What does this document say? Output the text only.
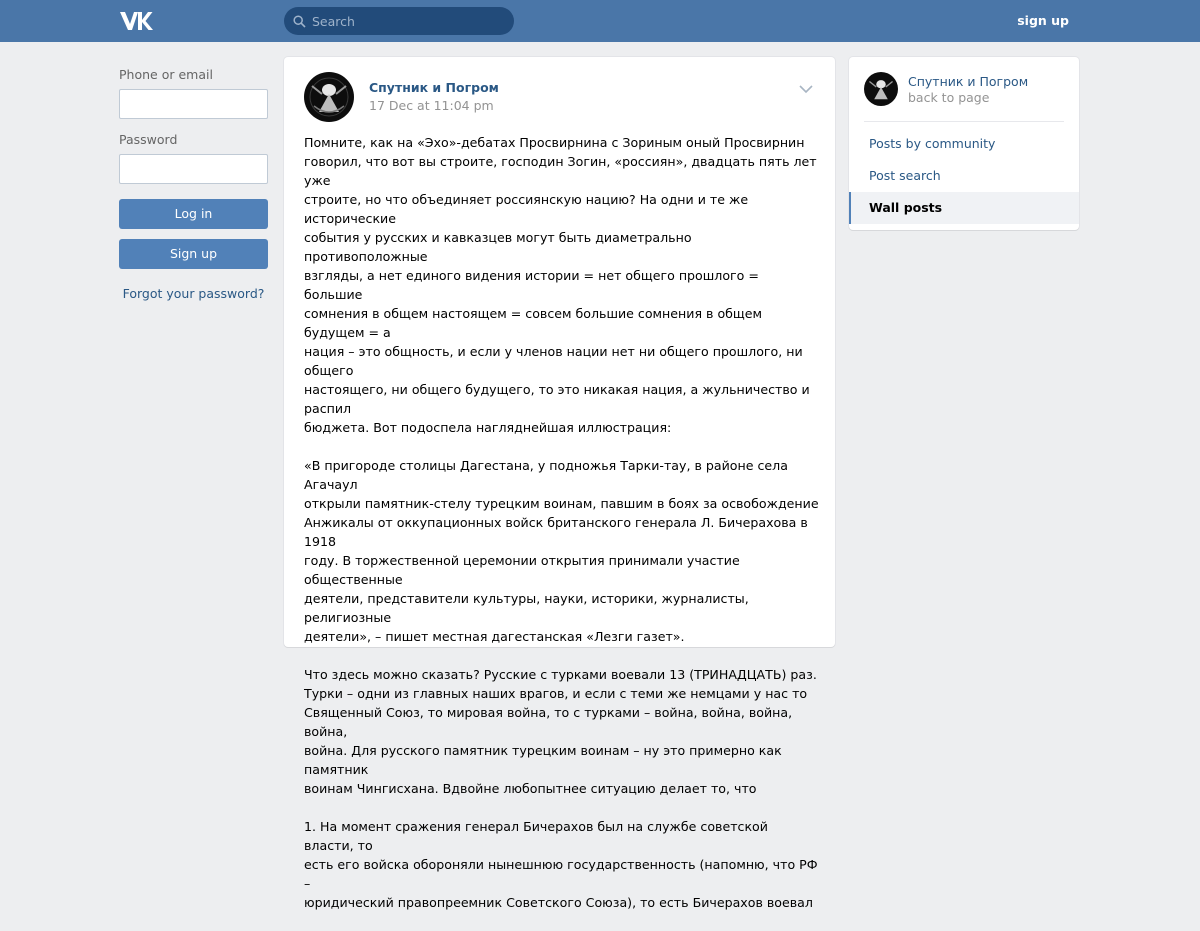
Search
sign up
Phone or email
Password
Log in
Sign up
Forgot your password?
Спутник и Погром
17 Dec at 11:04 pm

Помните, как на «Эхо»-дебатах Просвирнина с Зориным оный Просвирнин
говорил, что вот вы строите, господин Зогин, «россиян», двадцать пять лет уже
строите, но что объединяет россиянскую нацию? На одни и те же исторические
события у русских и кавказцев могут быть диаметрально противоположные
взгляды, а нет единого видения истории = нет общего прошлого = большие
сомнения в общем настоящем = совсем большие сомнения в общем будущем = а
нация – это общность, и если у членов нации нет ни общего прошлого, ни общего
настоящего, ни общего будущего, то это никакая нация, а жульничество и распил
бюджета. Вот подоспела нагляднейшая иллюстрация:

«В пригороде столицы Дагестана, у подножья Тарки-тау, в районе села Агачаул
открыли памятник-стелу турецким воинам, павшим в боях за освобождение
Анжикалы от оккупационных войск британского генерала Л. Бичерахова в 1918
году. В торжественной церемонии открытия принимали участие общественные
деятели, представители культуры, науки, историки, журналисты, религиозные
деятели», – пишет местная дагестанская «Лезги газет».

Что здесь можно сказать? Русские с турками воевали 13 (ТРИНАДЦАТЬ) раз.
Турки – одни из главных наших врагов, и если с теми же немцами у нас то
Священный Союз, то мировая война, то с турками – война, война, война, война,
война. Для русского памятник турецким воинам – ну это примерно как памятник
воинам Чингисхана. Вдвойне любопытнее ситуацию делает то, что

1. На момент сражения генерал Бичерахов был на службе советской власти, то
есть его войска обороняли нынешнюю государственность (напомню, что РФ –
юридический правопреемник Советского Союза), то есть Бичерахов воевал

Спутник и Погром
back to page
Posts by community
Post search
Wall posts
